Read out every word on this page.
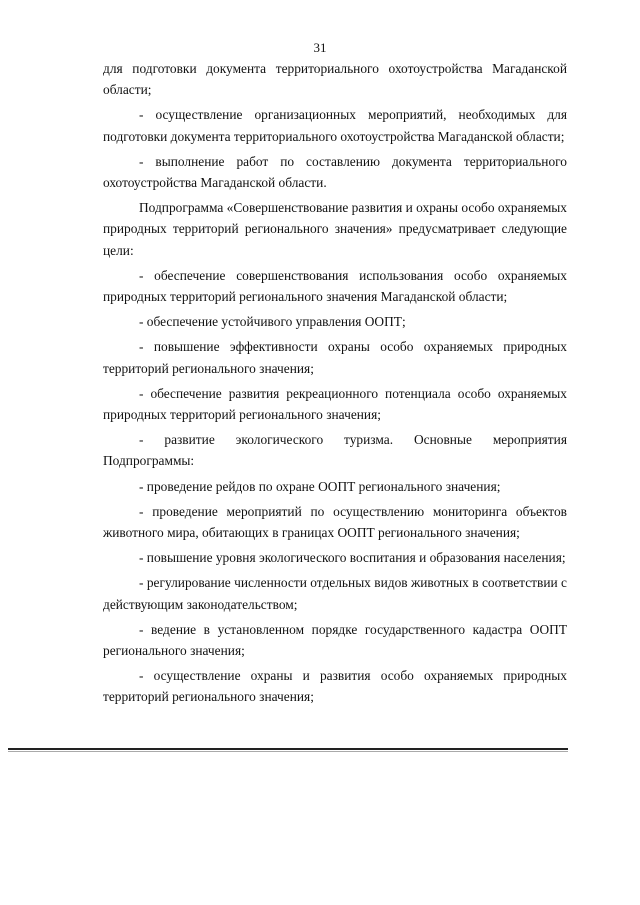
31

для подготовки документа территориального охотоустройства Магаданской области;

- осуществление организационных мероприятий, необходимых для подготовки документа территориального охотоустройства Магаданской области;

- выполнение работ по составлению документа территориального охотоустройства Магаданской области.

Подпрограмма «Совершенствование развития и охраны особо охраняемых природных территорий регионального значения» предусматривает следующие цели:

- обеспечение совершенствования использования особо охраняемых природных территорий регионального значения Магаданской области;

- обеспечение устойчивого управления ООПТ;

- повышение эффективности охраны особо охраняемых природных территорий регионального значения;

- обеспечение развития рекреационного потенциала особо охраняемых природных территорий регионального значения;

- развитие экологического туризма. Основные мероприятия Подпрограммы:

- проведение рейдов по охране ООПТ регионального значения;

- проведение мероприятий по осуществлению мониторинга объектов животного мира, обитающих в границах ООПТ регионального значения;

- повышение уровня экологического воспитания и образования населения;

- регулирование численности отдельных видов животных в соответствии с действующим законодательством;

- ведение в установленном порядке государственного кадастра ООПТ регионального значения;

- осуществление охраны и развития особо охраняемых природных территорий регионального значения;
